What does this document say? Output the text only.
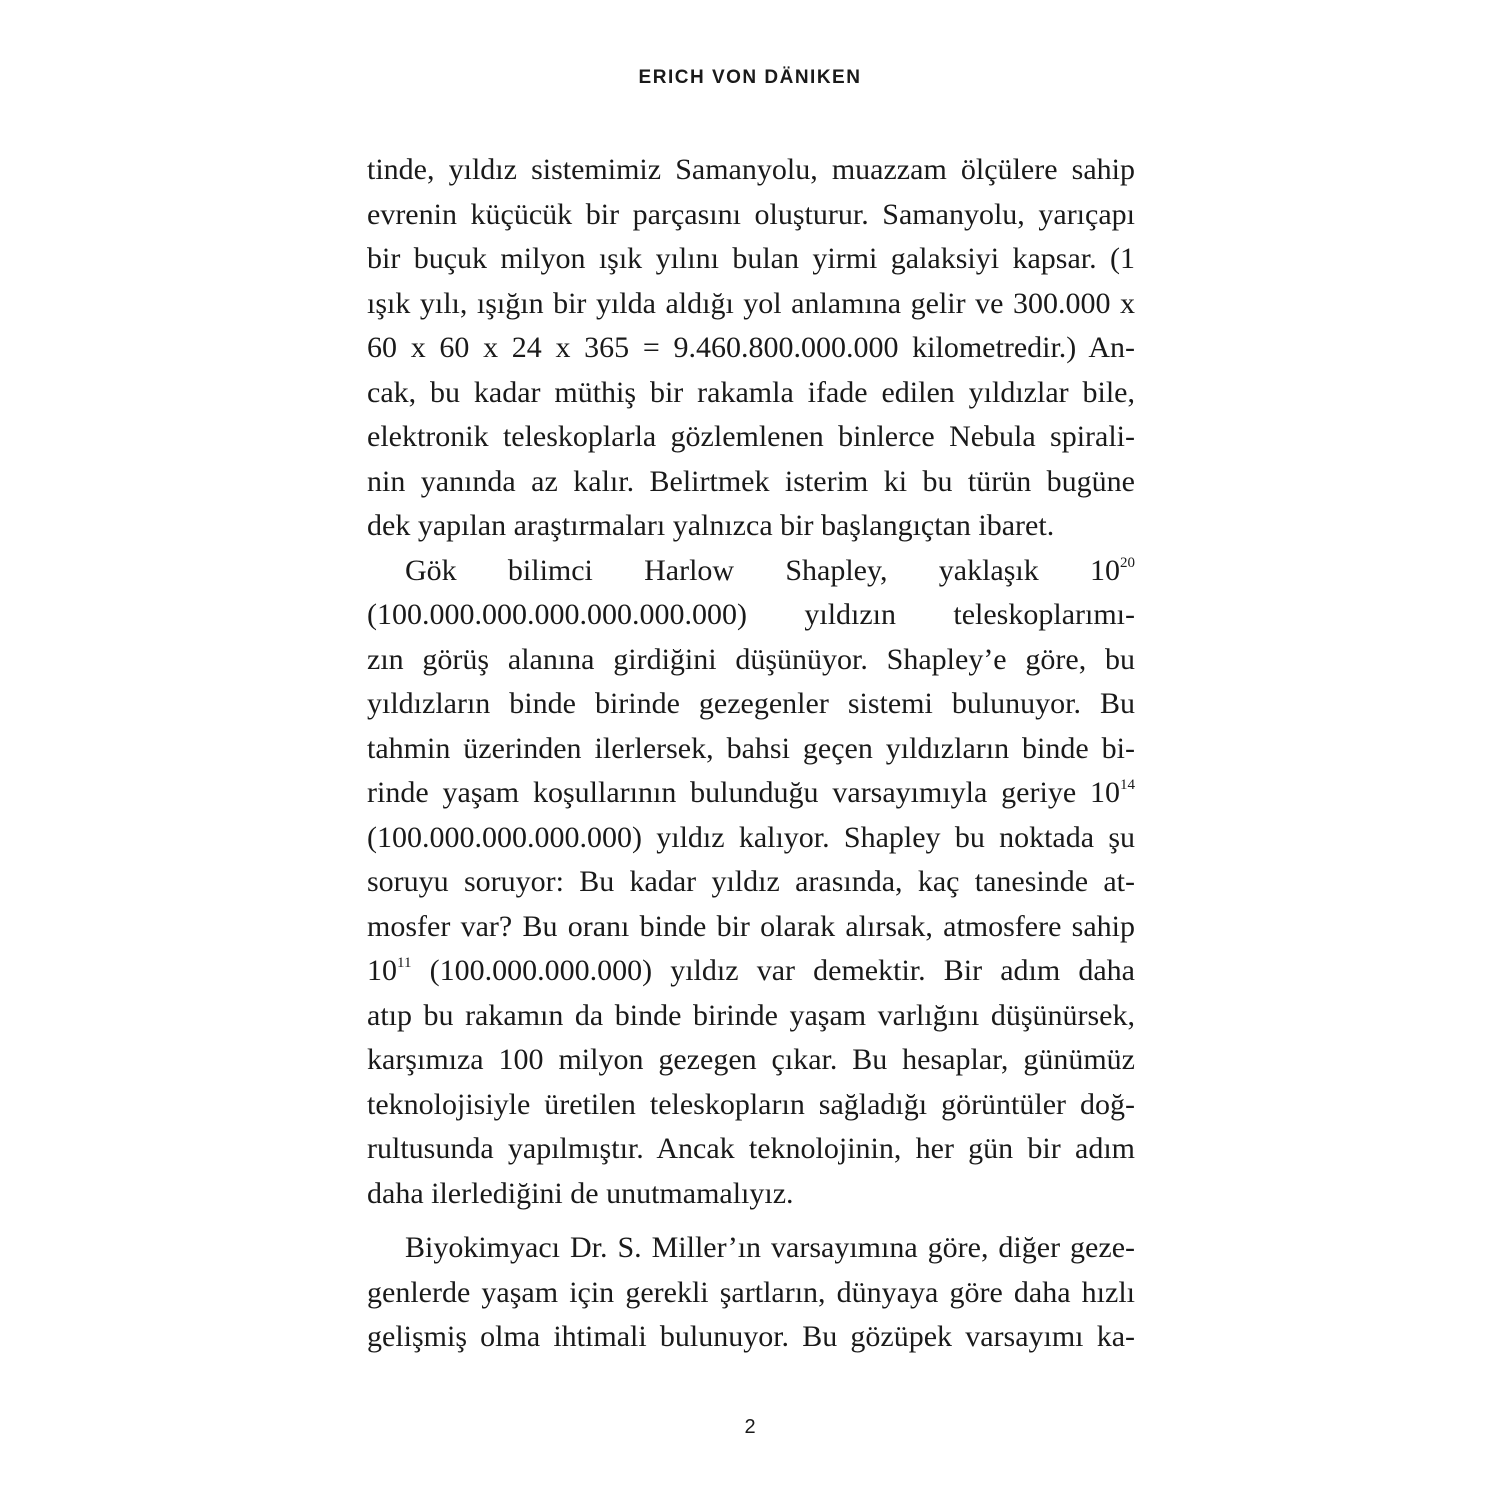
ERICH VON DÄNIKEN
tinde, yıldız sistemimiz Samanyolu, muazzam ölçülere sahip
evrenin küçücük bir parçasını oluşturur. Samanyolu, yarıçapı
bir buçuk milyon ışık yılını bulan yirmi galaksiyi kapsar. (1
ışık yılı, ışığın bir yılda aldığı yol anlamına gelir ve 300.000 x
60 x 60 x 24 x 365 = 9.460.800.000.000 kilometredir.) An-
cak, bu kadar müthiş bir rakamla ifade edilen yıldızlar bile,
elektronik teleskoplarla gözlemlenen binlerce Nebula spirali-
nin yanında az kalır. Belirtmek isterim ki bu türün bugüne
dek yapılan araştırmaları yalnızca bir başlangıçtan ibaret.
Gök bilimci Harlow Shapley, yaklaşık $10^{20}$
(100.000.000.000.000.000.000) yıldızın teleskoplarımı-
zın görüş alanına girdiğini düşünüyor. Shapley’e göre, bu
yıldızların binde birinde gezegenler sistemi bulunuyor. Bu
tahmin üzerinden ilerlersek, bahsi geçen yıldızların binde bi-
rinde yaşam koşullarının bulunduğu varsayımıyla geriye $10^{14}$
(100.000.000.000.000) yıldız kalıyor. Shapley bu noktada şu
soruyu soruyor: Bu kadar yıldız arasında, kaç tanesinde at-
mosfer var? Bu oranı binde bir olarak alırsak, atmosfere sahip
$10^{11}$ (100.000.000.000) yıldız var demektir. Bir adım daha
atıp bu rakamın da binde birinde yaşam varlığını düşünürsek,
karşımıza 100 milyon gezegen çıkar. Bu hesaplar, günümüz
teknolojisiyle üretilen teleskopların sağladığı görüntüler doğ-
rultusunda yapılmıştır. Ancak teknolojinin, her gün bir adım
daha ilerlediğini de unutmamalıyız.
Biyokimyacı Dr. S. Miller’ın varsayımına göre, diğer geze-
genlerde yaşam için gerekli şartların, dünyaya göre daha hızlı
gelişmiş olma ihtimali bulunuyor. Bu gözüpek varsayımı ka-
2
